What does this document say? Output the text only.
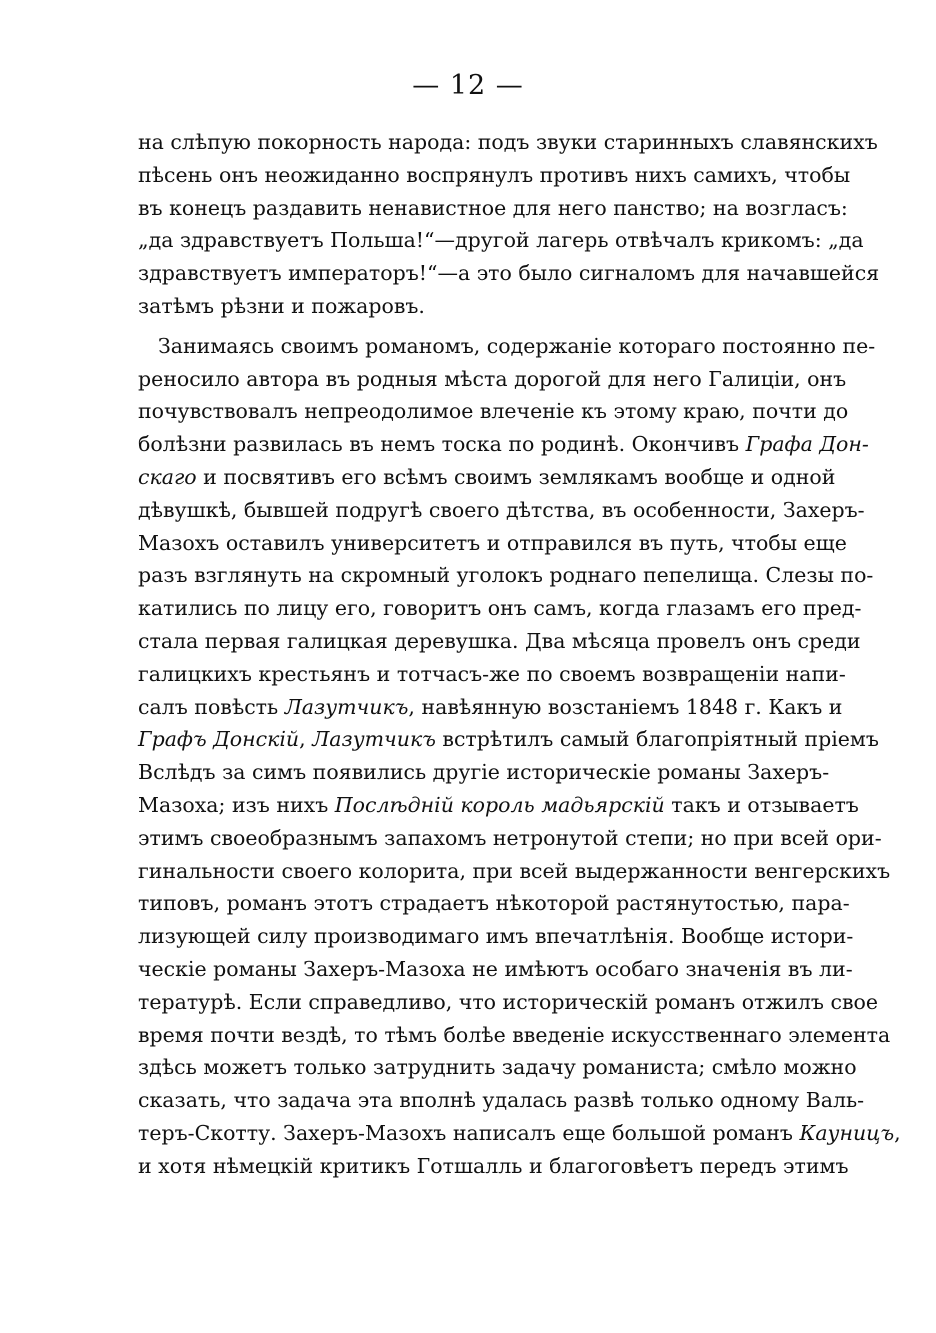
— 12 —
на слѣпую покорность народа: подъ звуки старинныхъ славянскихъ
пѣсень онъ неожиданно воспрянулъ противъ нихъ самихъ, чтобы
въ конецъ раздавить ненавистное для него панство; на возгласъ:
„да здравствуетъ Польша!“—другой лагерь отвѣчалъ крикомъ: „да
здравствуетъ императоръ!“—а это было сигналомъ для начавшейся
затѣмъ рѣзни и пожаровъ.
Занимаясь своимъ романомъ, содержаніе котораго постоянно пе-
реносило автора въ родныя мѣста дорогой для него Галиціи, онъ
почувствовалъ непреодолимое влеченіе къ этому краю, почти до
болѣзни развилась въ немъ тоска по родинѣ. Окончивъ Графа Дон-
скаго и посвятивъ его всѣмъ своимъ землякамъ вообще и одной
дѣвушкѣ, бывшей подругѣ своего дѣтства, въ особенности, Захеръ-
Мазохъ оставилъ университетъ и отправился въ путь, чтобы еще
разъ взглянуть на скромный уголокъ роднаго пепелища. Слезы по-
катились по лицу его, говоритъ онъ самъ, когда глазамъ его пред-
стала первая галицкая деревушка. Два мѣсяца провелъ онъ среди
галицкихъ крестьянъ и тотчасъ-же по своемъ возвращеніи напи-
салъ повѣсть Лазутчикъ, навѣянную возстаніемъ 1848 г. Какъ и
Графъ Донскій, Лазутчикъ встрѣтилъ самый благопріятный пріемъ
Вслѣдъ за симъ появились другіе историческіе романы Захеръ-
Мазоха; изъ нихъ Послѣдній король мадьярскій такъ и отзываетъ
этимъ своеобразнымъ запахомъ нетронутой степи; но при всей ори-
гинальности своего колорита, при всей выдержанности венгерскихъ
типовъ, романъ этотъ страдаетъ нѣкоторой растянутостью, пара-
лизующей силу производимаго имъ впечатлѣнія. Вообще истори-
ческіе романы Захеръ-Мазоха не имѣютъ особаго значенія въ ли-
тературѣ. Если справедливо, что историческій романъ отжилъ свое
время почти вездѣ, то тѣмъ болѣе введеніе искусственнаго элемента
здѣсь можетъ только затруднить задачу романиста; смѣло можно
сказать, что задача эта вполнѣ удалась развѣ только одному Валь-
теръ-Скотту. Захеръ-Мазохъ написалъ еще большой романъ Кауницъ,
и хотя нѣмецкій критикъ Готшалль и благоговѣетъ передъ этимъ
